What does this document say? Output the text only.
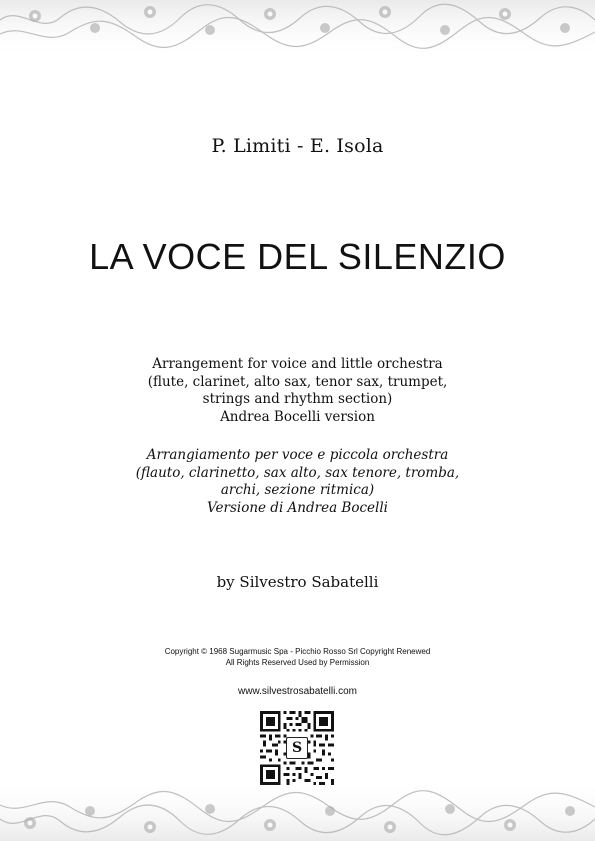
P. Limiti - E. Isola
LA VOCE DEL SILENZIO
Arrangement for voice and little orchestra
(flute, clarinet, alto sax, tenor sax, trumpet,
strings and rhythm section)
Andrea Bocelli version
Arrangiamento per voce e piccola orchestra
(flauto, clarinetto, sax alto, sax tenore, tromba,
archi, sezione ritmica)
Versione di Andrea Bocelli
by Silvestro Sabatelli
Copyright © 1968 Sugarmusic Spa - Picchio Rosso Srl Copyright Renewed
All Rights Reserved Used by Permission
www.silvestrosabatelli.com
S
